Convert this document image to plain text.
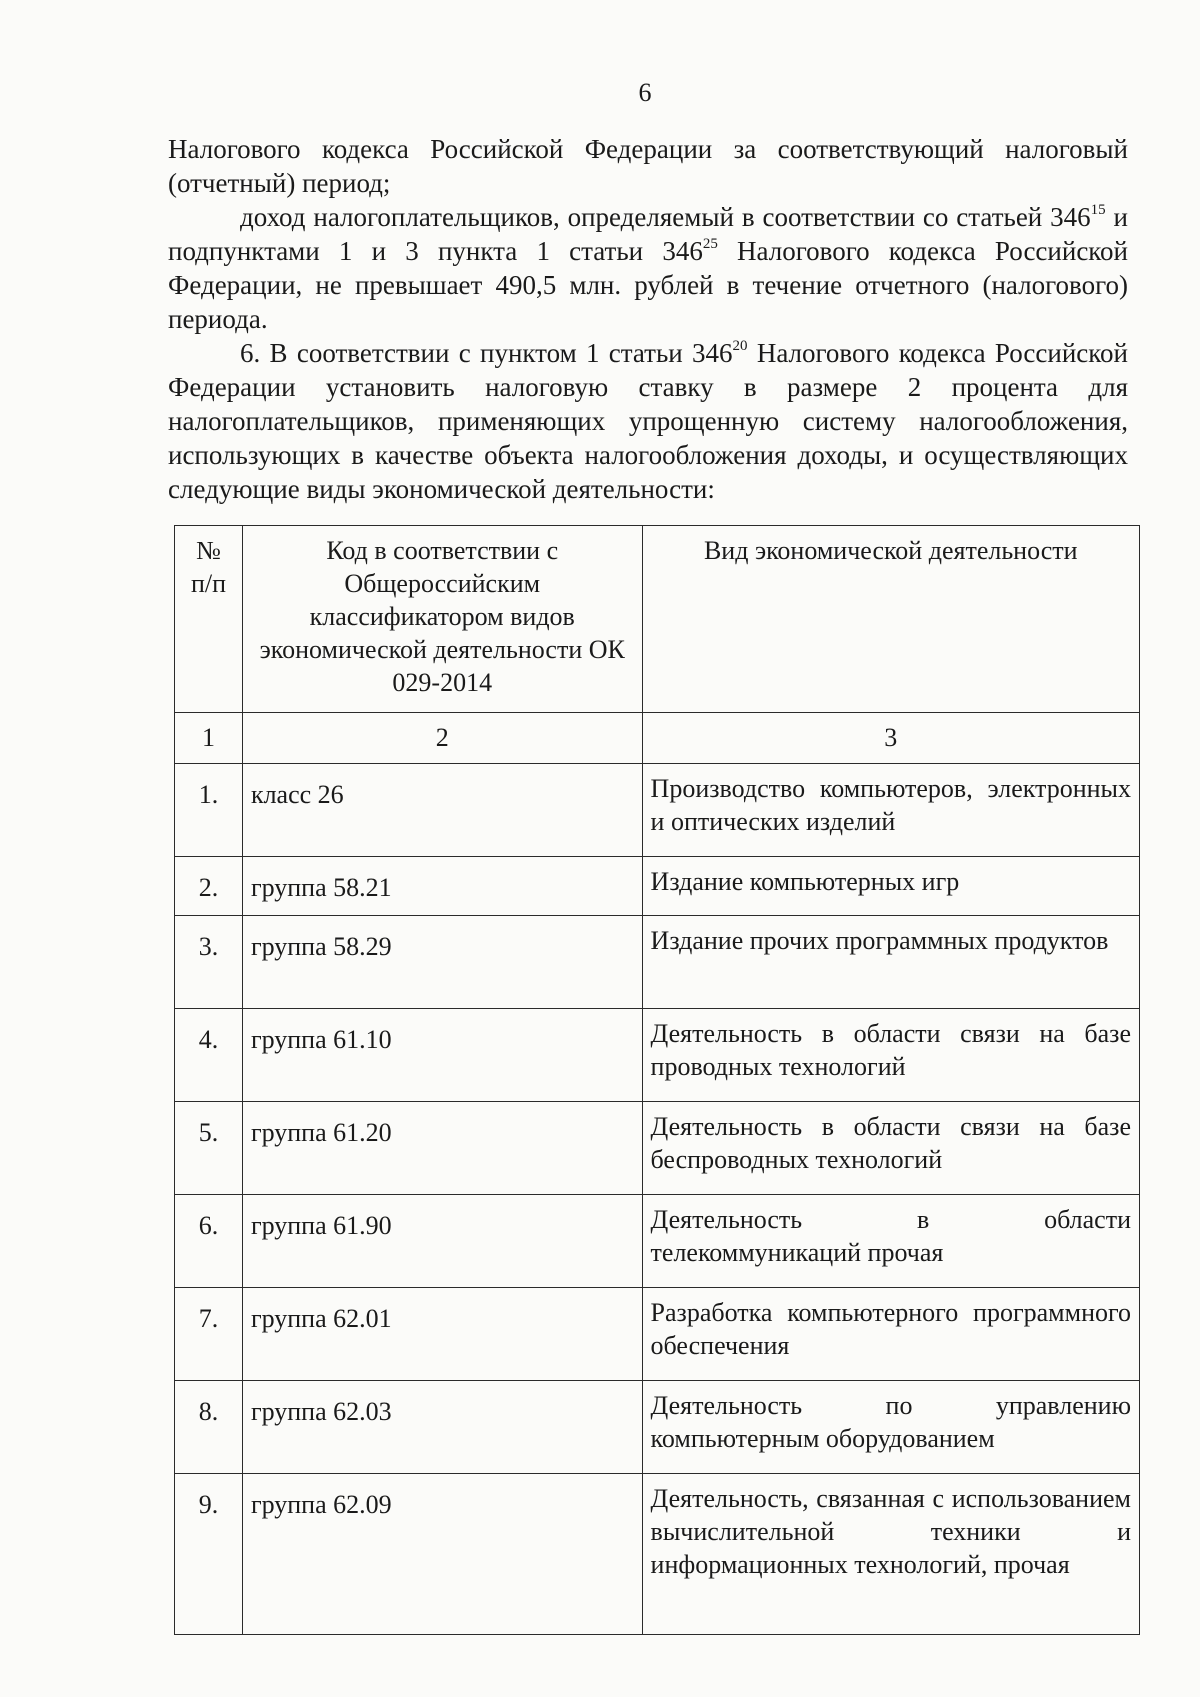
6

Налогового кодекса Российской Федерации за соответствующий налоговый (отчетный) период;

доход налогоплательщиков, определяемый в соответствии со статьей $346^{15}$ и подпунктами 1 и 3 пункта 1 статьи $346^{25}$ Налогового кодекса Российской Федерации, не превышает 490,5 млн. рублей в течение отчетного (налогового) периода.

6. В соответствии с пунктом 1 статьи $346^{20}$ Налогового кодекса Российской Федерации установить налоговую ставку в размере 2 процента для налогоплательщиков, применяющих упрощенную систему налогообложения, использующих в качестве объекта налогообложения доходы, и осуществляющих следующие виды экономической деятельности:

№ п/п	Код в соответствии с Общероссийским классификатором видов экономической деятельности ОК 029-2014	Вид экономической деятельности
1	2	3
1.	класс 26	Производство компьютеров, электронных и оптических изделий
2.	группа 58.21	Издание компьютерных игр
3.	группа 58.29	Издание прочих программных продуктов
4.	группа 61.10	Деятельность в области связи на базе проводных технологий
5.	группа 61.20	Деятельность в области связи на базе беспроводных технологий
6.	группа 61.90	Деятельность в области телекоммуникаций прочая
7.	группа 62.01	Разработка компьютерного программного обеспечения
8.	группа 62.03	Деятельность по управлению компьютерным оборудованием
9.	группа 62.09	Деятельность, связанная с использованием вычислительной техники и информационных технологий, прочая
